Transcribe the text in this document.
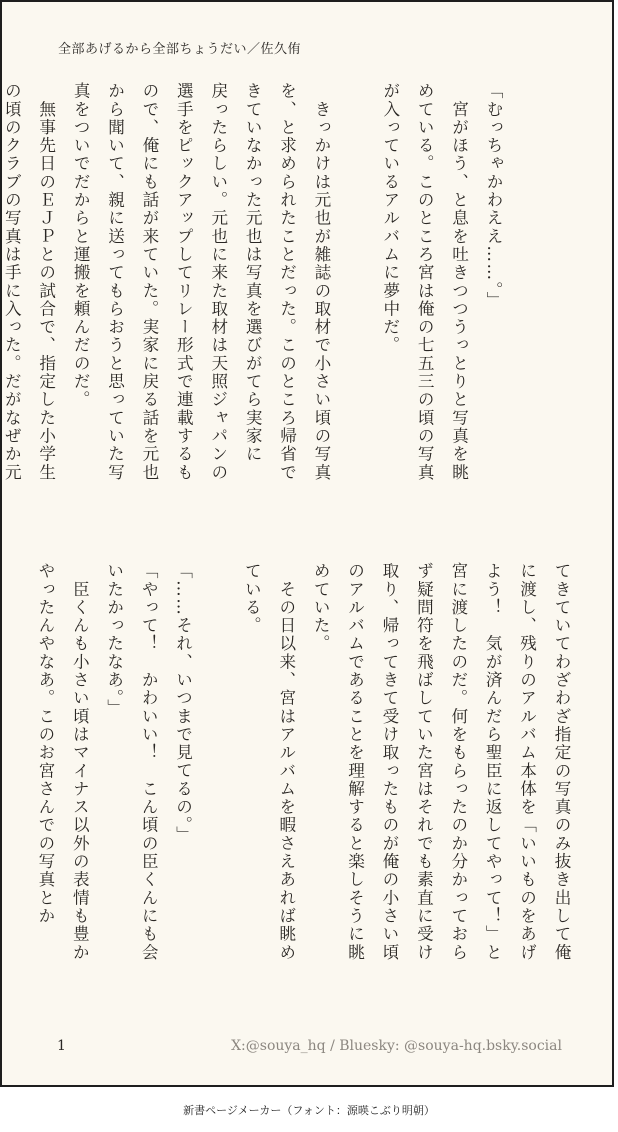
全部あげるから全部ちょうだい／佐久侑

「むっちゃかわええ……。」

　宮がほう、と息を吐きつつうっとりと写真を眺

めている。このところ宮は俺の七五三の頃の写真

が入っているアルバムに夢中だ。

　きっかけは元也が雑誌の取材で小さい頃の写真

を、と求められたことだった。このところ帰省で

きていなかった元也は写真を選びがてら実家に

戻ったらしい。元也に来た取材は天照ジャパンの

選手をピックアップしてリレー形式で連載するも

ので、俺にも話が来ていた。実家に戻る話を元也

から聞いて、親に送ってもらおうと思っていた写

真をついでだからと運搬を頼んだのだ。

　無事先日のＥＪＰとの試合で、指定した小学生

の頃のクラブの写真は手に入った。だがなぜか元

てきていてわざわざ指定の写真のみ抜き出して俺

に渡し、残りのアルバム本体を「いいものをあげ

よう！　気が済んだら聖臣に返してやって！」と

宮に渡したのだ。何をもらったのか分かっておら

ず疑問符を飛ばしていた宮はそれでも素直に受け

取り、帰ってきて受け取ったものが俺の小さい頃

のアルバムであることを理解すると楽しそうに眺

めていた。

　その日以来、宮はアルバムを暇さえあれば眺め

ている。

「……それ、いつまで見てるの。」

「やって！　かわいい！　こん頃の臣くんにも会

いたかったなあ。」

　臣くんも小さい頃はマイナス以外の表情も豊か

やったんやなあ。このお宮さんでの写真とか

1	X:@souya_hq / Bluesky: @souya-hq.bsky.social
新書ページメーカー（フォント：源暎こぶり明朝）
